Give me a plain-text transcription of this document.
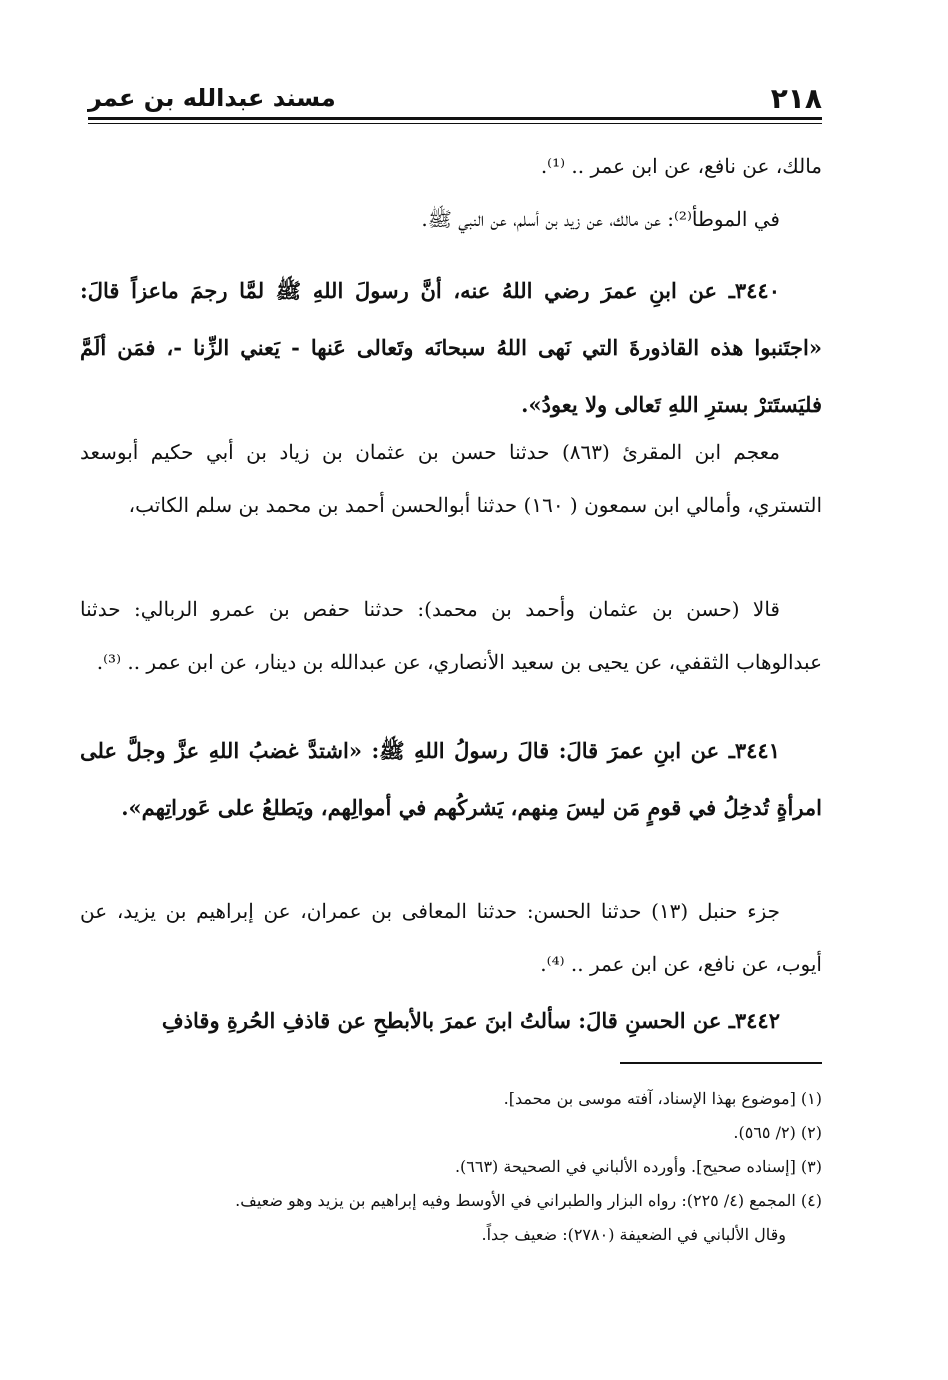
مسند عبدالله بن عمر	٢١٨

مالك، عن نافع، عن ابن عمر .. ⁽¹⁾.

في الموطأ⁽²⁾: عن مالك، عن زيد بن أسلم، عن النبي ﷺ.

٣٤٤٠ـ عن ابنِ عمرَ رضي اللهُ عنه، أنَّ رسولَ اللهِ ﷺ لمَّا رجمَ ماعزاً قالَ: «اجتَنبوا هذه القاذورةَ التي نَهى اللهُ سبحانَه وتَعالى عَنها - يَعني الزِّنا -، فمَن ألَمَّ فليَستَترْ بسترِ اللهِ تَعالى ولا يعودُ».

معجم ابن المقرئ (٨٦٣) حدثنا حسن بن عثمان بن زياد بن أبي حكيم أبوسعد التستري، وأمالي ابن سمعون ( ١٦٠) حدثنا أبوالحسن أحمد بن محمد بن سلم الكاتب،

قالا (حسن بن عثمان وأحمد بن محمد): حدثنا حفص بن عمرو الربالي: حدثنا عبدالوهاب الثقفي، عن يحيى بن سعيد الأنصاري، عن عبدالله بن دينار، عن ابن عمر .. ⁽³⁾.

٣٤٤١ـ عن ابنِ عمرَ قالَ: قالَ رسولُ اللهِ ﷺ: «اشتدَّ غضبُ اللهِ عزَّ وجلَّ على امرأةٍ تُدخِلُ في قومٍ مَن ليسَ مِنهم، يَشركُهم في أموالِهم، ويَطلعُ على عَوراتِهم».

جزء حنبل (١٣) حدثنا الحسن: حدثنا المعافى بن عمران، عن إبراهيم بن يزيد، عن أيوب، عن نافع، عن ابن عمر .. ⁽⁴⁾.

٣٤٤٢ـ عن الحسنِ قالَ: سألتُ ابنَ عمرَ بالأبطحِ عن قاذفِ الحُرةِ وقاذفِ

(١) [موضوع بهذا الإسناد، آفته موسى بن محمد].

(٢) (٢/ ٥٦٥).

(٣) [إسناده صحيح]. وأورده الألباني في الصحيحة (٦٦٣).

(٤) المجمع (٤/ ٢٢٥): رواه البزار والطبراني في الأوسط وفيه إبراهيم بن يزيد وهو ضعيف.

وقال الألباني في الضعيفة (٢٧٨٠): ضعيف جداً.
